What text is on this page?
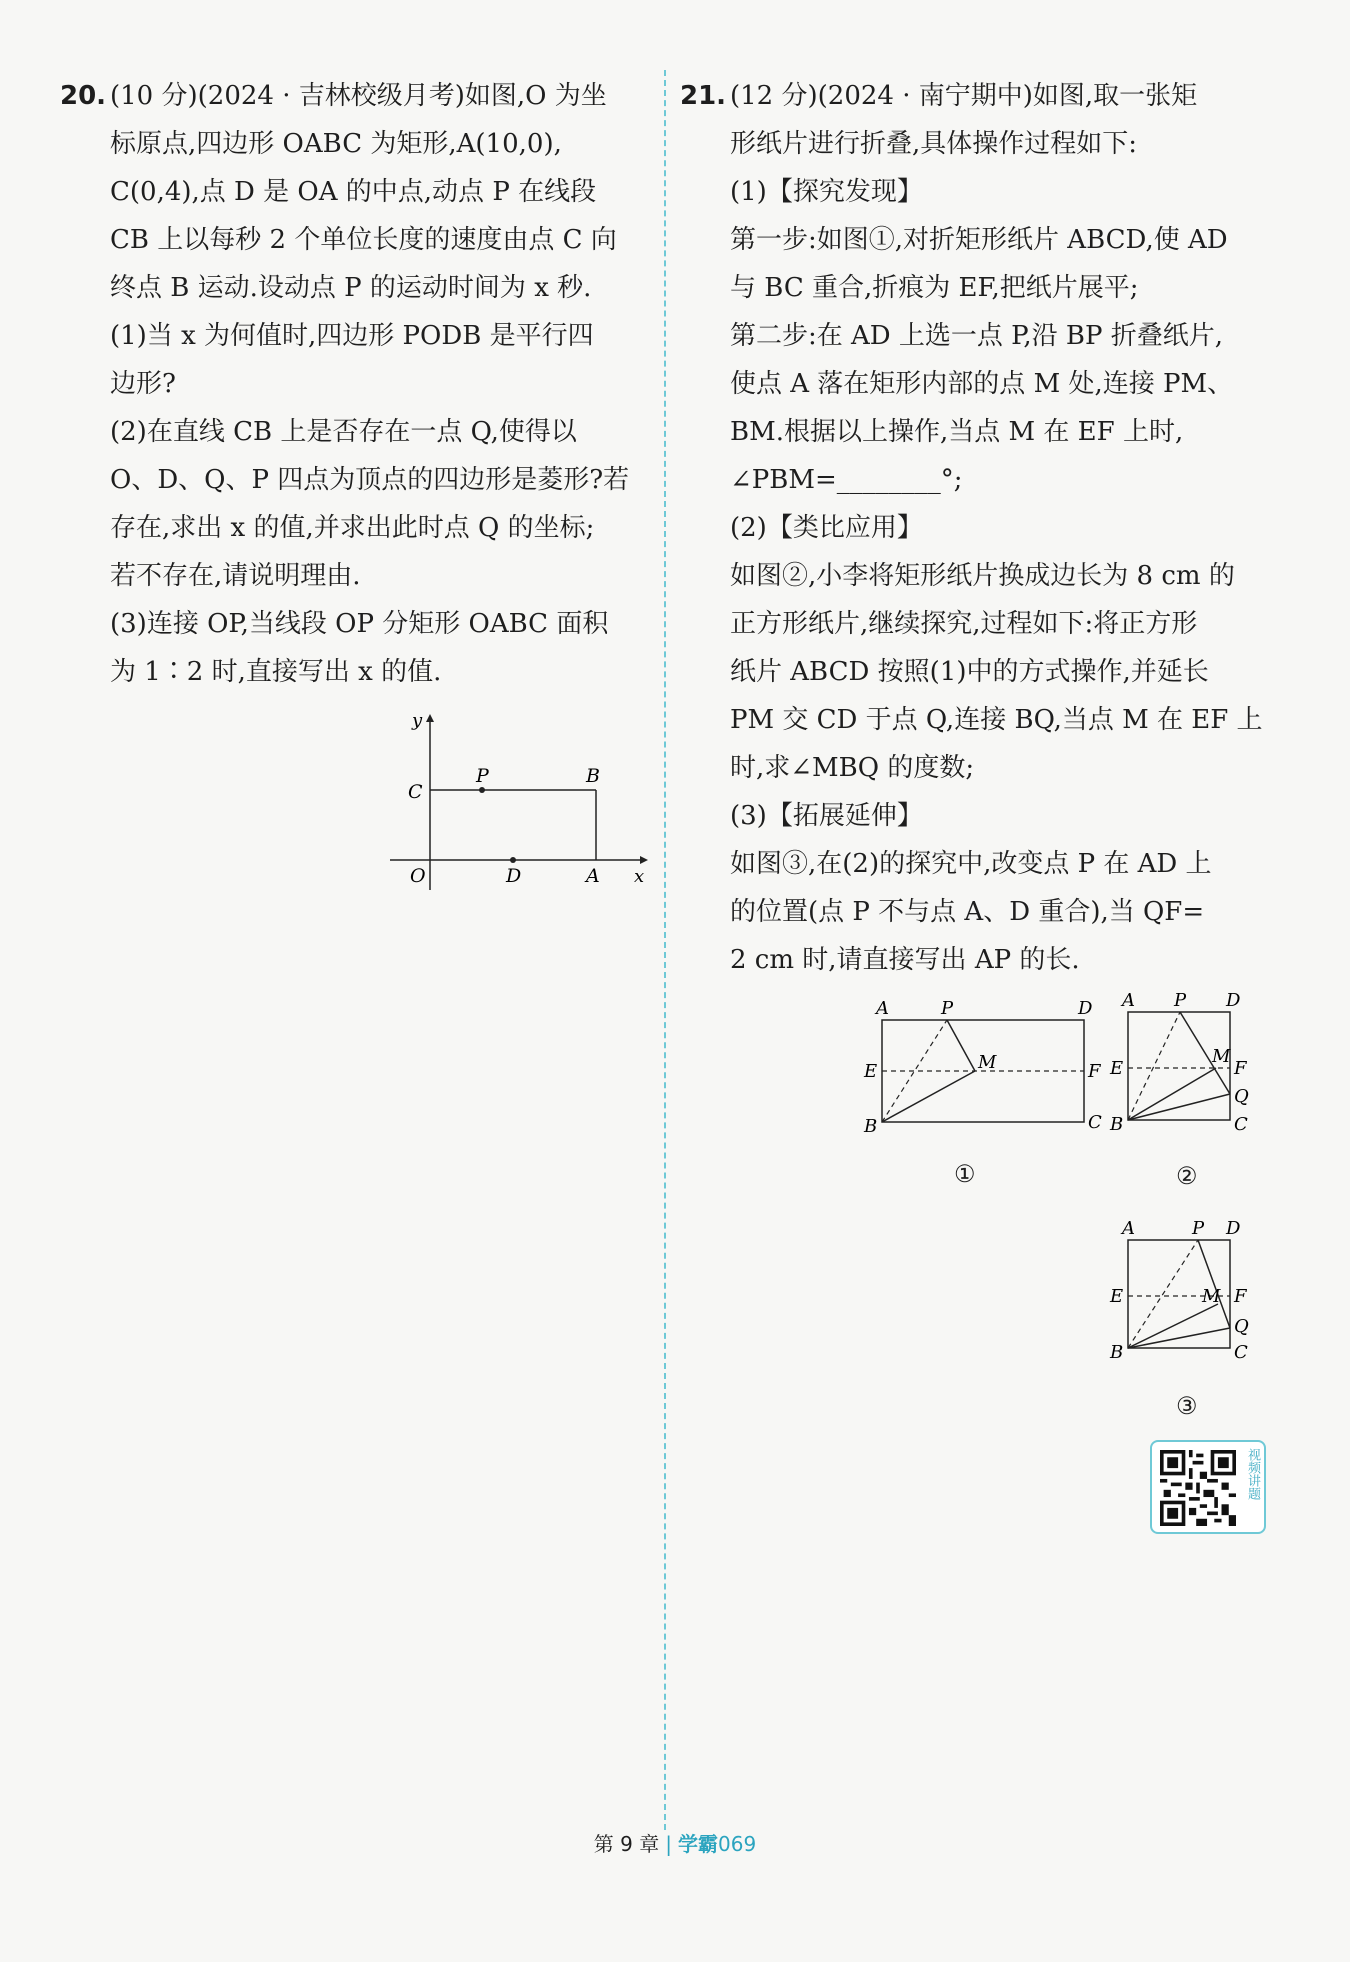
20. (10 分)(2024 · 吉林校级月考)如图,O 为坐

标原点,四边形 OABC 为矩形,A(10,0),

C(0,4),点 D 是 OA 的中点,动点 P 在线段

CB 上以每秒 2 个单位长度的速度由点 C 向

终点 B 运动.设动点 P 的运动时间为 x 秒.

(1)当 x 为何值时,四边形 PODB 是平行四

边形?

(2)在直线 CB 上是否存在一点 Q,使得以

O、D、Q、P 四点为顶点的四边形是菱形?若

存在,求出 x 的值,并求出此时点 Q 的坐标;

若不存在,请说明理由.

(3)连接 OP,当线段 OP 分矩形 OABC 面积

为 1∶2 时,直接写出 x 的值.

y
x
O
C
P	B
D	A
21. (12 分)(2024 · 南宁期中)如图,取一张矩

形纸片进行折叠,具体操作过程如下:

(1)【探究发现】

第一步:如图①,对折矩形纸片 ABCD,使 AD

与 BC 重合,折痕为 EF,把纸片展平;

第二步:在 AD 上选一点 P,沿 BP 折叠纸片,

使点 A 落在矩形内部的点 M 处,连接 PM、

BM.根据以上操作,当点 M 在 EF 上时,

∠PBM=________°;

(2)【类比应用】

如图②,小李将矩形纸片换成边长为 8 cm 的

正方形纸片,继续探究,过程如下:将正方形

纸片 ABCD 按照(1)中的方式操作,并延长

PM 交 CD 于点 Q,连接 BQ,当点 M 在 EF 上

时,求∠MBQ 的度数;

(3)【拓展延伸】

如图③,在(2)的探究中,改变点 P 在 AD 上

的位置(点 P 不与点 A、D 重合),当 QF=

2 cm 时,请直接写出 AP 的长.

A	P	D
E	F
M
B	C
①
A P D
E	F
M
Q
B	C
②
A	P D
E	F
M
Q
B	C
③
视频讲题
第 9 章 | 学霸069
